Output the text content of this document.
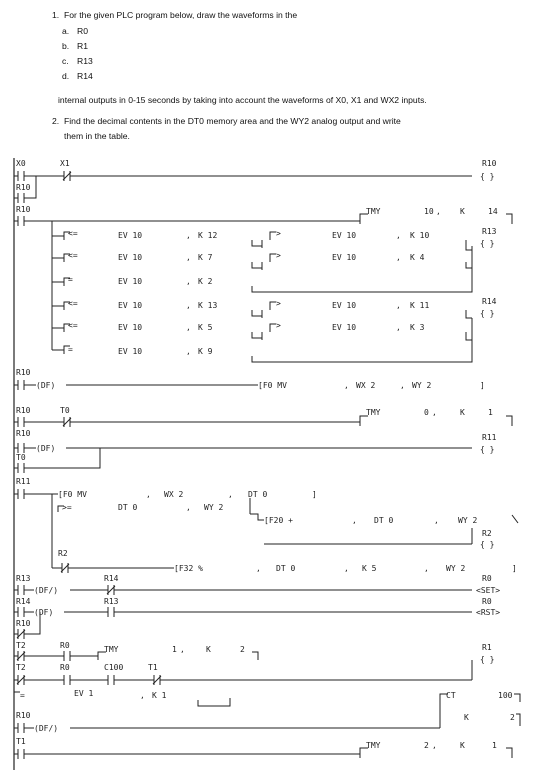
1. For the given PLC program below, draw the waveforms in the
a. R0
b. R1
c. R13
d. R14
internal outputs in 0-15 seconds by taking into account the waveforms of X0, X1 and WX2 inputs.
2. Find the decimal contents in the DT0 memory area and the WY2 analog output and write
them in the table.
X0	X1	R10
{ }
R10
R10	TMY	10 , K	14
<=	EV 10	, K 12	>	EV 10	, K 10	R13
{ }
<=	EV 10	, K 7	>	EV 10	, K 4
=	EV 10	, K 2
<=	EV 10	, K 13	>	EV 10	, K 11	R14
{ }
<=	EV 10	, K 5	>	EV 10	, K 3
=	EV 10	, K 9
R10
(DF)	[F0 MV	, WX 2	, WY 2	]
R10	T0	TMY	0 ,	K	1
R10
(DF)
R11
{ }
T0
R11
[F0 MV	, WX 2	, DT 0	]
>=	DT 0	, WY 2
[F20 +	, DT 0	, WY 2
R2
{ }
R2
[F32 %	, DT 0	, K 5	, WY 2	]
R13
(DF/)
R14	R0
<SET>
R14
(DF)
R13	R0
<RST>
R10
T2	R0	TMY	1 ,	K	2	R1
{ }
T2	R0	C100	T1
=	EV 1	, K 1	CT	100
K	2
R10
(DF/)
T1	TMY	2 ,	K	1
